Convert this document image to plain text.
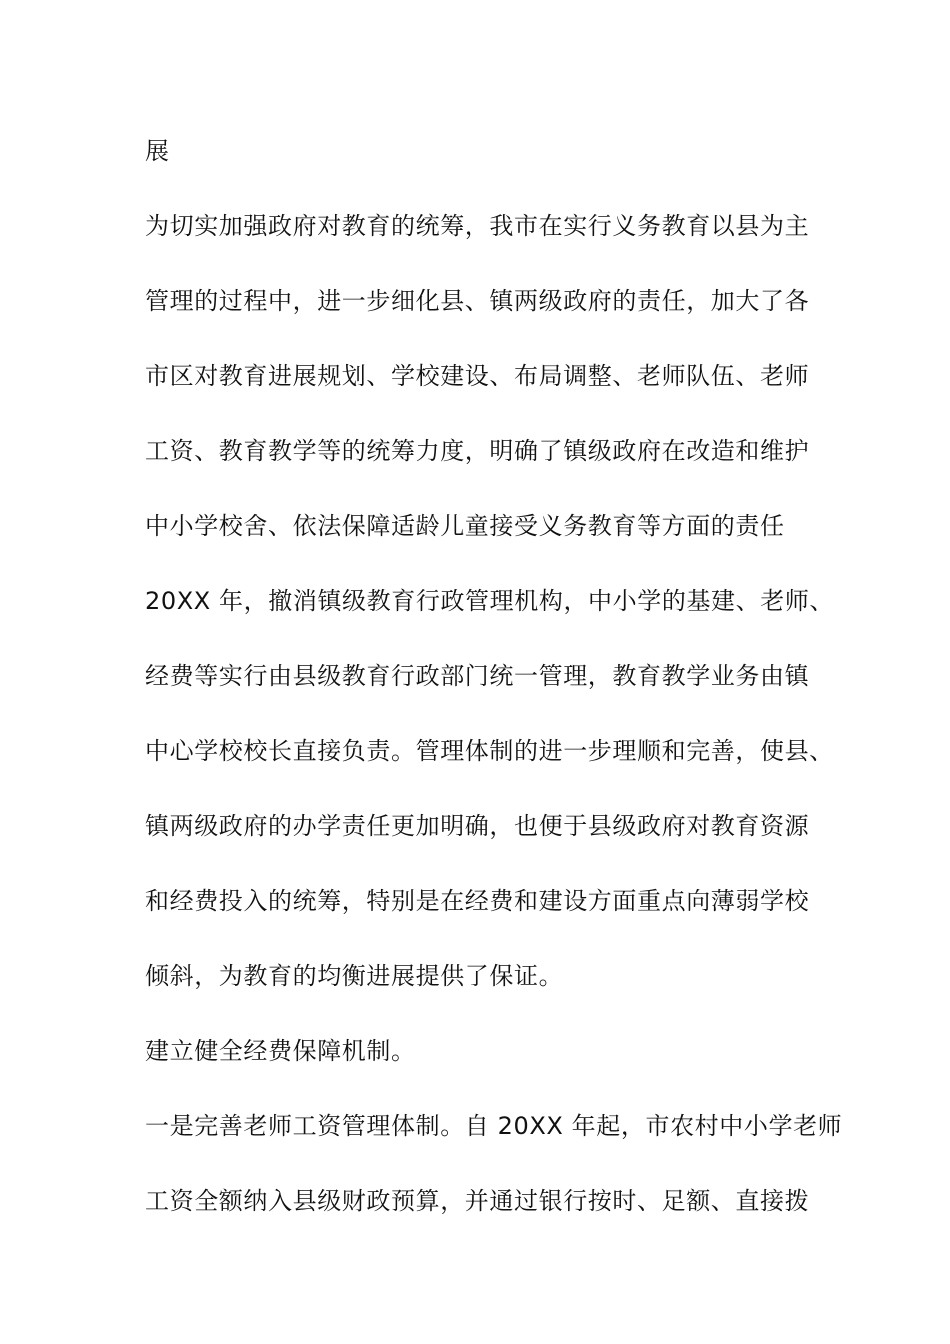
展

为切实加强政府对教育的统筹，我市在实行义务教育以县为主

管理的过程中，进一步细化县、镇两级政府的责任，加大了各

市区对教育进展规划、学校建设、布局调整、老师队伍、老师

工资、教育教学等的统筹力度，明确了镇级政府在改造和维护

中小学校舍、依法保障适龄儿童接受义务教育等方面的责任

20XX 年，撤消镇级教育行政管理机构，中小学的基建、老师、

经费等实行由县级教育行政部门统一管理，教育教学业务由镇

中心学校校长直接负责。管理体制的进一步理顺和完善，使县、

镇两级政府的办学责任更加明确，也便于县级政府对教育资源

和经费投入的统筹，特别是在经费和建设方面重点向薄弱学校

倾斜，为教育的均衡进展提供了保证。

建立健全经费保障机制。

一是完善老师工资管理体制。自 20XX 年起，市农村中小学老师

工资全额纳入县级财政预算，并通过银行按时、足额、直接拨
